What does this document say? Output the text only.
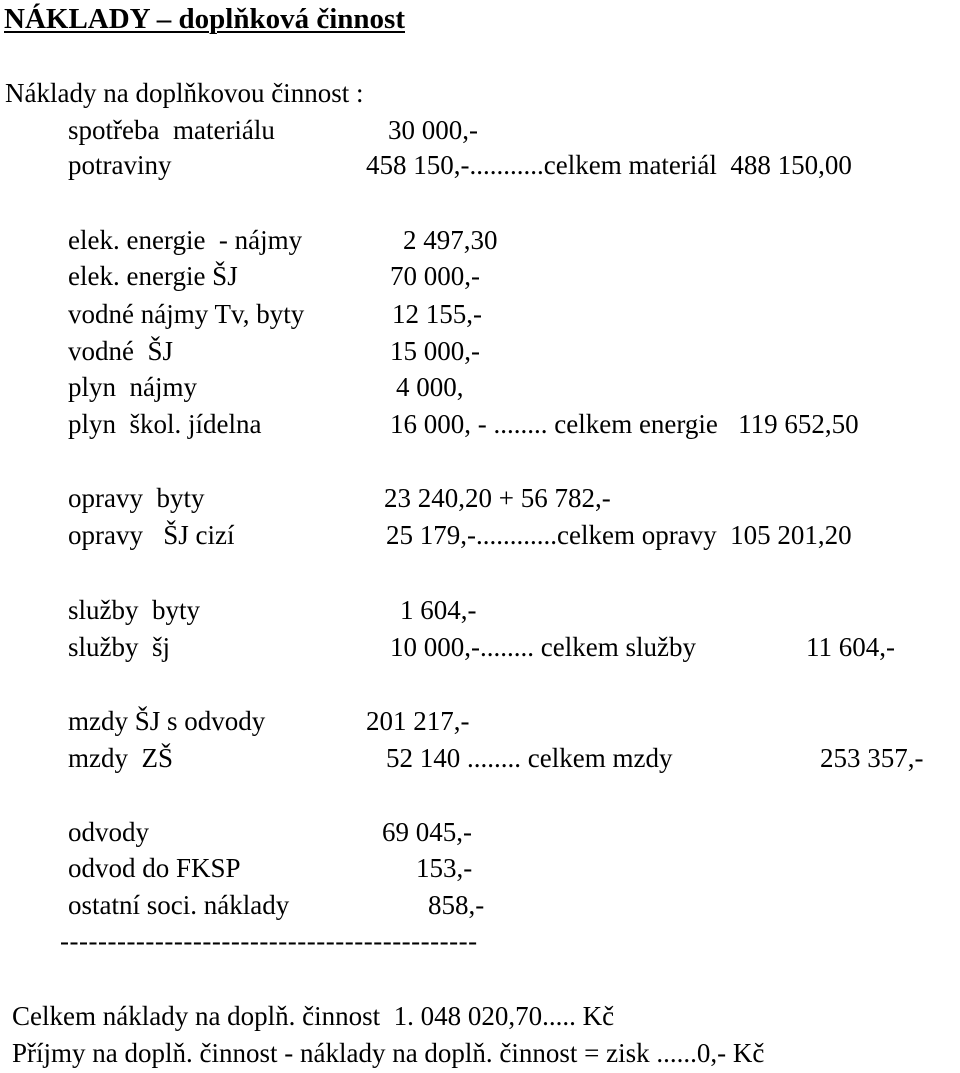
NÁKLADY – doplňková činnost
Náklady na doplňkovou činnost :
spotřeba  materiálu	30 000,-
potraviny	458 150,-...........celkem materiál  488 150,00
elek. energie  - nájmy	2 497,30
elek. energie ŠJ	70 000,-
vodné nájmy Tv, byty	12 155,-
vodné  ŠJ	15 000,-
plyn  nájmy	4 000,
plyn  škol. jídelna	16 000, - ........ celkem energie   119 652,50
opravy  byty	23 240,20 + 56 782,-
opravy   ŠJ cizí	25 179,-............celkem opravy  105 201,20
služby  byty	1 604,-
služby  šj	10 000,-........ celkem služby	11 604,-
mzdy ŠJ s odvody	201 217,-
mzdy  ZŠ	52 140 ........ celkem mzdy	253 357,-
odvody	69 045,-
odvod do FKSP	153,-
ostatní soci. náklady	858,-
--------------------------------------------
Celkem náklady na doplň. činnost  1. 048 020,70..... Kč
Příjmy na doplň. činnost - náklady na doplň. činnost = zisk ......0,- Kč
